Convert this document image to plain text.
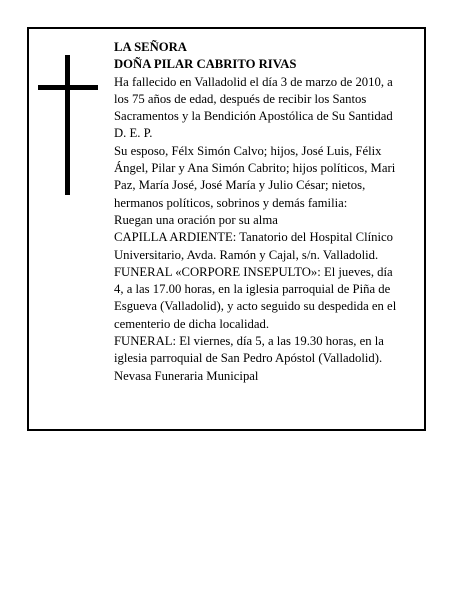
LA SEÑORA

DOÑA PILAR CABRITO RIVAS

Ha fallecido en Valladolid el día 3 de marzo de 2010, a

los 75 años de edad, después de recibir los Santos

Sacramentos y la Bendición Apostólica de Su Santidad

D. E. P.

Su esposo, Félx Simón Calvo; hijos, José Luis, Félix

Ángel, Pilar y Ana Simón Cabrito; hijos políticos, Mari

Paz, María José, José María y Julio César; nietos,

hermanos políticos, sobrinos y demás familia:

Ruegan una oración por su alma

CAPILLA ARDIENTE: Tanatorio del Hospital Clínico

Universitario, Avda. Ramón y Cajal, s/n. Valladolid.

FUNERAL «CORPORE INSEPULTO»: El jueves, día

4, a las 17.00 horas, en la iglesia parroquial de Piña de

Esgueva (Valladolid), y acto seguido su despedida en el

cementerio de dicha localidad.

FUNERAL: El viernes, día 5, a las 19.30 horas, en la

iglesia parroquial de San Pedro Apóstol (Valladolid).

Nevasa Funeraria Municipal
